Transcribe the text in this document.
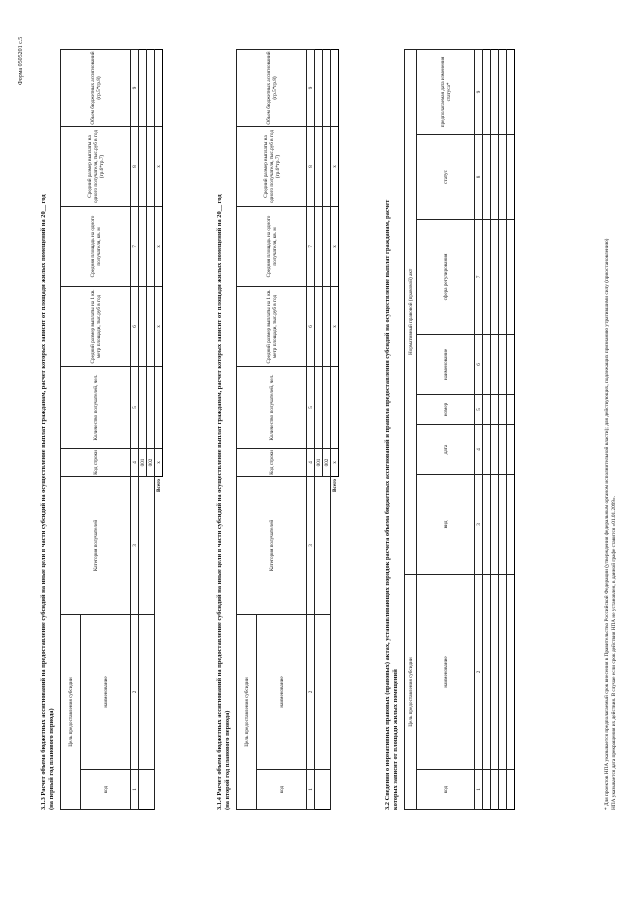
Форма 0505201 с.5
3.1.3 Расчет объема бюджетных ассигнований на предоставление субсидий на иные цели в части субсидий на осуществление выплат гражданам, расчет которых зависит от площади жилых помещений на 20__ год (на первый год планового периода) Цель предоставления субсидии		Категория получателей	Код строки	Количество получателей, чел.	Средний размер выплаты на 1 кв. метр площади, тыс.руб в год	Средняя площадь на одного получателя, кв. м	Средний размер выплаты на одного получателя, тыс.руб в год (гр.6*гр.7)	Объем бюджетных ассигнований (гр.5*гр.8)
код	наименование							
1	2	3	4	5	6	7	8	9
			001					
			002					
		Всего	x		x	x	x	
3.1.4 Расчет объема бюджетных ассигнований на предоставление субсидий на иные цели в части субсидий на осуществление выплат гражданам, расчет которых зависит от площади жилых помещений на 20__ год (на второй год планового периода) Цель предоставления субсидии		Категория получателей	Код строки	Количество получателей, чел.	Средний размер выплаты на 1 кв. метр площади, тыс.руб в год	Средняя площадь на одного получателя, кв. м	Средний размер выплаты на одного получателя, тыс.руб в год (гр.6*гр.7)	Объем бюджетных ассигнований (гр.5*гр.8)
код	наименование							
1	2	3	4	5	6	7	8	9
			001					
			002					
		Всего	x		x	x	x	
3.2 Сведения о нормативных правовых (правовых) актах, устанавливающих порядок расчета объема бюджетных ассигнований и правила предоставления субсидий на осуществление выплат гражданам, расчет которых зависит от площади жилых помещений Цель предоставления субсидии		Нормативный правовой (правовой) акт						
код	наименование	вид	дата	номер	наименование	сфера регулирования	статус	предполагаемая дата изменения статуса*
1	2	3	4	5	6	7	8	9

* Для проектов НПА указывается предполагаемый срок внесения в Правительство Российской Федерации (утверждения федеральным органом исполнительной власти); для действующих, подлежащих признанию утратившими силу (приостановлению) НПА указывается дата прекращения их действия. В случае если срок действия НПА не установлен, в данной графе ставится «01.01.2099».
